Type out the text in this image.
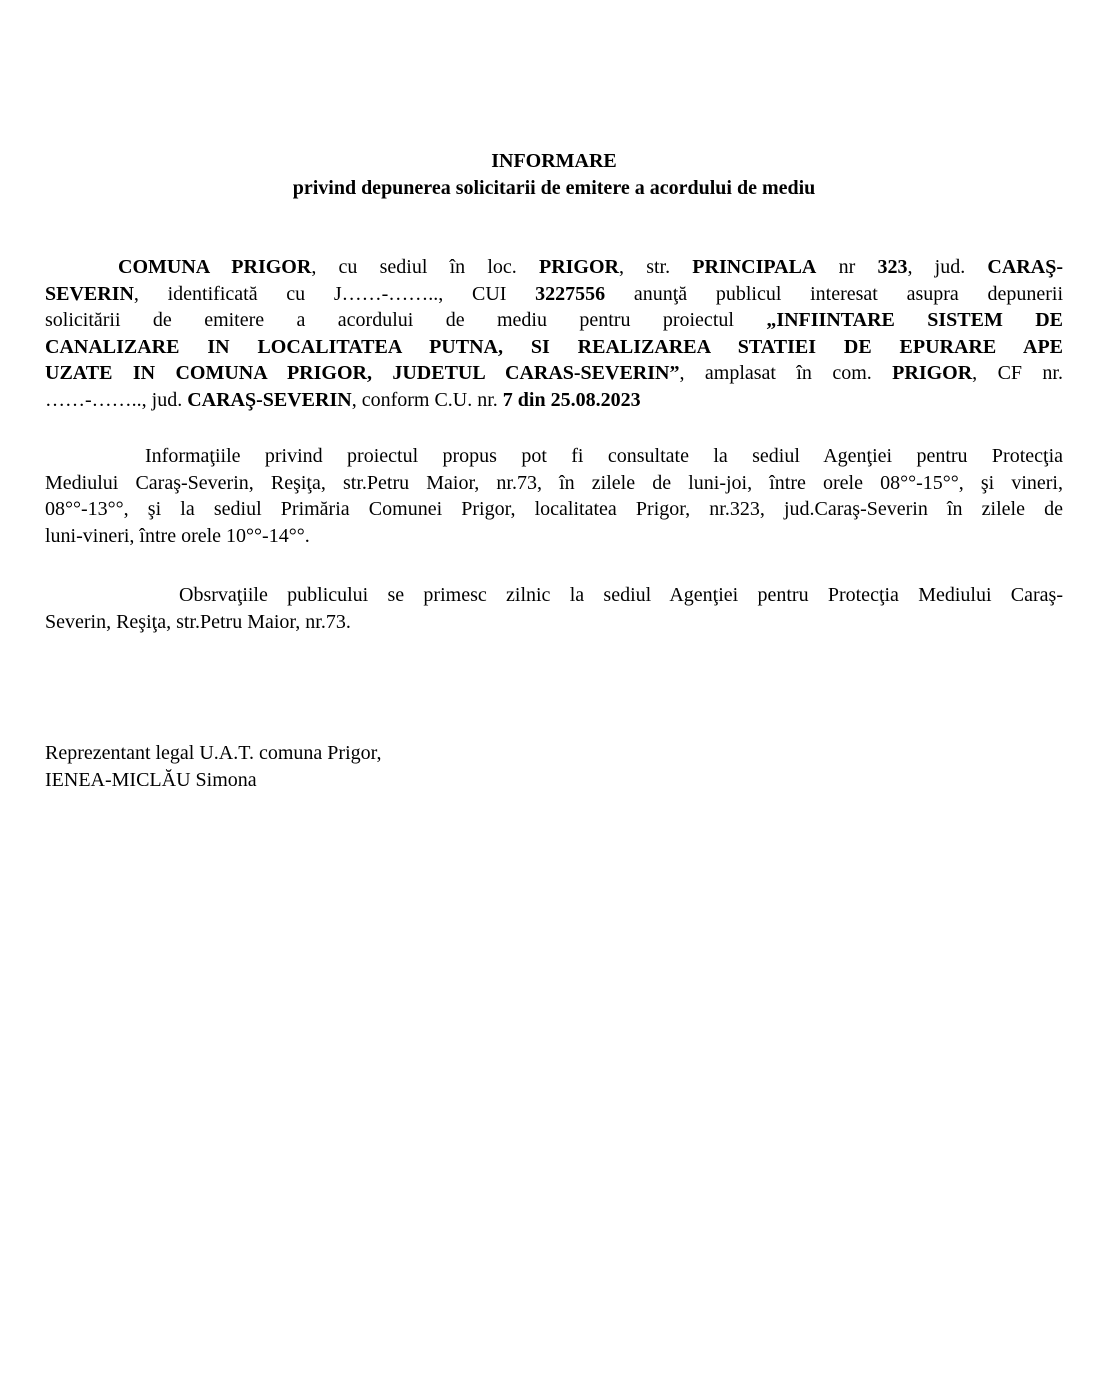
INFORMARE
privind depunerea solicitarii de emitere a acordului de mediu
COMUNA PRIGOR, cu sediul în loc. PRIGOR, str. PRINCIPALA nr 323, jud. CARAŞ-
SEVERIN, identificată cu J……-…….., CUI 3227556 anunţă publicul interesat asupra depunerii
solicitării de emitere a acordului de mediu pentru proiectul „INFIINTARE SISTEM DE
CANALIZARE IN LOCALITATEA PUTNA, SI REALIZAREA STATIEI DE EPURARE APE
UZATE IN COMUNA PRIGOR, JUDETUL CARAS-SEVERIN”, amplasat în com. PRIGOR, CF nr.
……-…….., jud. CARAŞ-SEVERIN, conform C.U. nr. 7 din 25.08.2023
Informaţiile privind proiectul propus pot fi consultate la sediul Agenţiei pentru Protecţia
Mediului Caraş-Severin, Reşiţa, str.Petru Maior, nr.73, în zilele de luni-joi, între orele 08°°-15°°, şi vineri,
08°°-13°°, şi la sediul Primăria Comunei Prigor, localitatea Prigor, nr.323, jud.Caraş-Severin în zilele de
luni-vineri, între orele 10°°-14°°.
Obsrvaţiile publicului se primesc zilnic la sediul Agenţiei pentru Protecţia Mediului Caraş-
Severin, Reşiţa, str.Petru Maior, nr.73.
Reprezentant legal U.A.T. comuna Prigor,
IENEA-MICLĂU Simona
